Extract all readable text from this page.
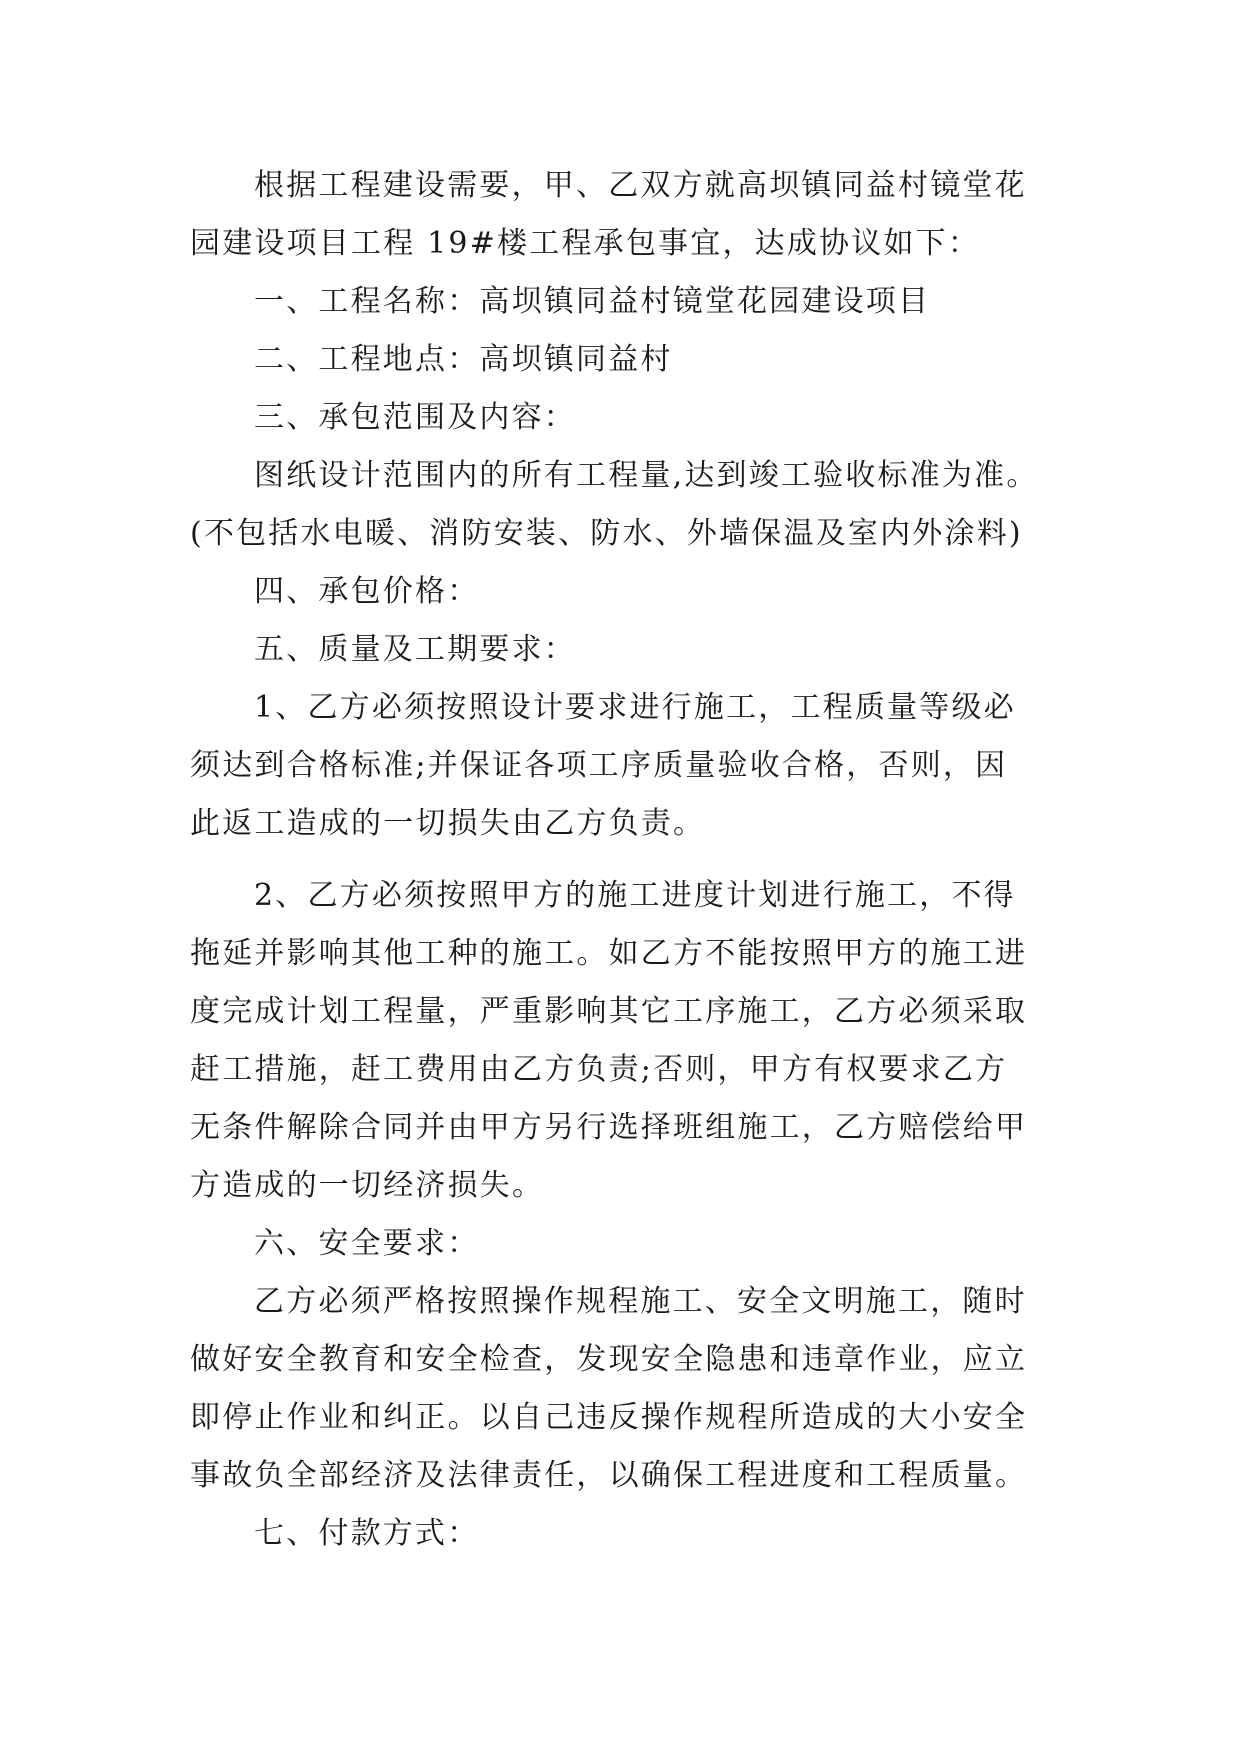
根据工程建设需要，甲、乙双方就高坝镇同益村镜堂花
园建设项目工程 19#楼工程承包事宜，达成协议如下：
一、工程名称：高坝镇同益村镜堂花园建设项目
二、工程地点：高坝镇同益村
三、承包范围及内容：
图纸设计范围内的所有工程量,达到竣工验收标准为准。
(不包括水电暖、消防安装、防水、外墙保温及室内外涂料)
四、承包价格：
五、质量及工期要求：
1、乙方必须按照设计要求进行施工，工程质量等级必
须达到合格标准;并保证各项工序质量验收合格，否则，因
此返工造成的一切损失由乙方负责。
2、乙方必须按照甲方的施工进度计划进行施工，不得
拖延并影响其他工种的施工。如乙方不能按照甲方的施工进
度完成计划工程量，严重影响其它工序施工，乙方必须采取
赶工措施，赶工费用由乙方负责;否则，甲方有权要求乙方
无条件解除合同并由甲方另行选择班组施工，乙方赔偿给甲
方造成的一切经济损失。
六、安全要求：
乙方必须严格按照操作规程施工、安全文明施工，随时
做好安全教育和安全检查，发现安全隐患和违章作业，应立
即停止作业和纠正。以自己违反操作规程所造成的大小安全
事故负全部经济及法律责任，以确保工程进度和工程质量。
七、付款方式：
